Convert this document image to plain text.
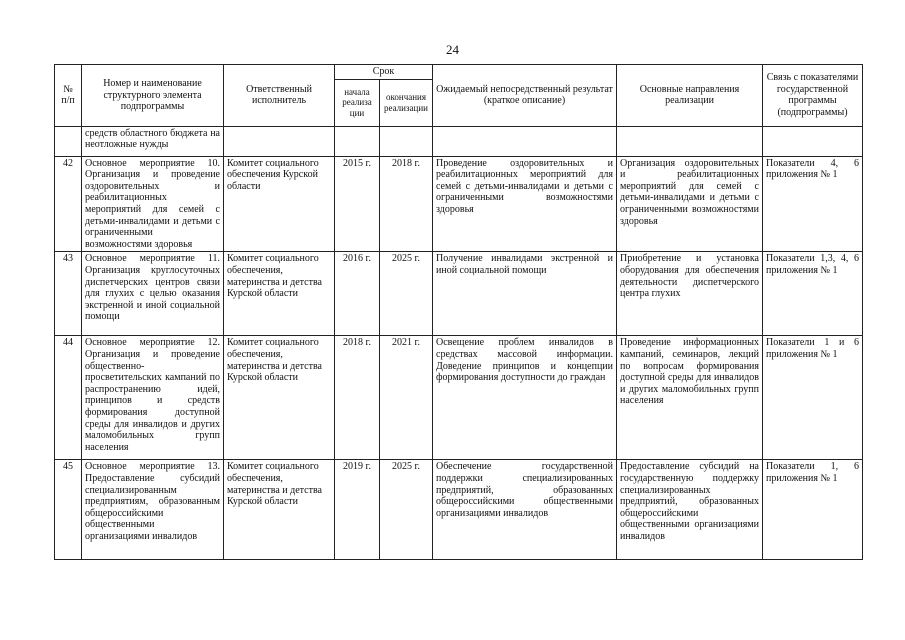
24
№ п/п	Номер и наименование структурного элемента подпрограммы	Ответственный исполнитель	Срок		Ожидаемый непосредственный результат (краткое описание)	Основные направления реализации	Связь с показателями государственной программы (подпрограммы)
			начала реализа ции	окончания реализации			
	средств областного бюджета на неотложные нужды						
42	Основное мероприятие 10. Организация и проведение оздоровительных и реабилитационных мероприятий для семей с детьми-инвалидами и детьми с ограниченными возможностями здоровья	Комитет социального обеспечения Курской области	2015 г.	2018 г.	Проведение оздоровительных и реабилитационных мероприятий для семей с детьми-инвалидами и детьми с ограниченными возможностями здоровья	Организация оздоровительных и реабилитационных мероприятий для семей с детьми-инвалидами и детьми с ограниченными возможностями здоровья	Показатели 4, 6 приложения № 1
43	Основное мероприятие 11. Организация круглосуточных диспетчерских центров связи для глухих с целью оказания экстренной и иной социальной помощи	Комитет социального обеспечения, материнства и детства Курской области	2016 г.	2025 г.	Получение инвалидами экстренной и иной социальной помощи	Приобретение и установка оборудования для обеспечения деятельности диспетчерского центра глухих	Показатели 1,3, 4, 6 приложения № 1
44	Основное мероприятие 12. Организация и проведение общественно-просветительских кампаний по распространению идей, принципов и средств формирования доступной среды для инвалидов и других маломобильных групп населения	Комитет социального обеспечения, материнства и детства Курской области	2018 г.	2021 г.	Освещение проблем инвалидов в средствах массовой информации. Доведение принципов и концепции формирования доступности до граждан	Проведение информационных кампаний, семинаров, лекций по вопросам формирования доступной среды для инвалидов и других маломобильных групп населения	Показатели 1 и 6 приложения № 1
45	Основное мероприятие 13. Предоставление субсидий специализированным предприятиям, образованным общероссийскими общественными организациями инвалидов	Комитет социального обеспечения, материнства и детства Курской области	2019 г.	2025 г.	Обеспечение государственной поддержки специализированных предприятий, образованных общероссийскими общественными организациями инвалидов	Предоставление субсидий на государственную поддержку специализированных предприятий, образованных общероссийскими общественными организациями инвалидов	Показатели 1, 6 приложения № 1
